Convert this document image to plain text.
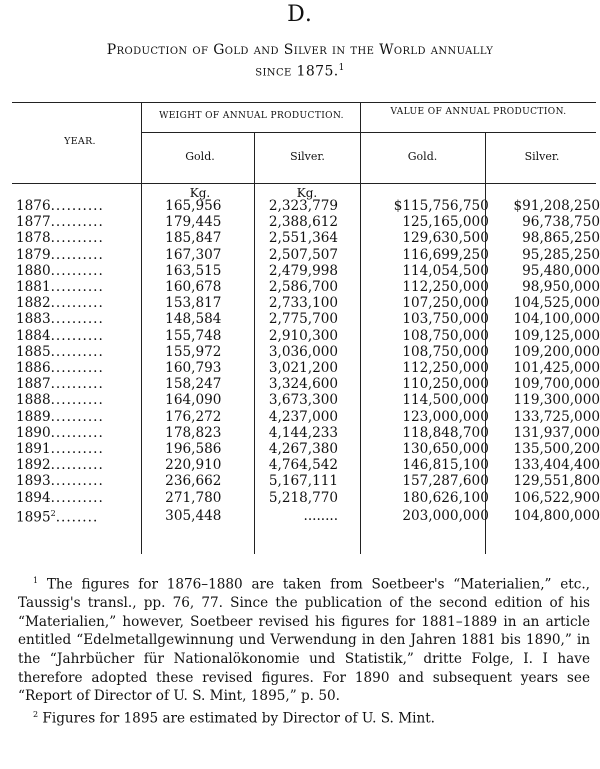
D.
Production of Gold and Silver in the World annually
since 1875.$^1$
YEAR.
WEIGHT OF ANNUAL PRODUCTION.	VALUE OF ANNUAL PRODUCTION.
Gold.	Silver.	Gold.	Silver.
Kg.	Kg.
1876..........	165,956	2,323,779	$115,756,750	$91,208,250
1877..........	179,445	2,388,612	125,165,000	96,738,750
1878..........	185,847	2,551,364	129,630,500	98,865,250
1879..........	167,307	2,507,507	116,699,250	95,285,250
1880..........	163,515	2,479,998	114,054,500	95,480,000
1881..........	160,678	2,586,700	112,250,000	98,950,000
1882..........	153,817	2,733,100	107,250,000	104,525,000
1883..........	148,584	2,775,700	103,750,000	104,100,000
1884..........	155,748	2,910,300	108,750,000	109,125,000
1885..........	155,972	3,036,000	108,750,000	109,200,000
1886..........	160,793	3,021,200	112,250,000	101,425,000
1887..........	158,247	3,324,600	110,250,000	109,700,000
1888..........	164,090	3,673,300	114,500,000	119,300,000
1889..........	176,272	4,237,000	123,000,000	133,725,000
1890..........	178,823	4,144,233	118,848,700	131,937,000
1891..........	196,586	4,267,380	130,650,000	135,500,200
1892..........	220,910	4,764,542	146,815,100	133,404,400
1893..........	236,662	5,167,111	157,287,600	129,551,800
1894..........	271,780	5,218,770	180,626,100	106,522,900
1895$^2$........	305,448	........	203,000,000	104,800,000

$^1$ The figures for 1876–1880 are taken from Soetbeer's “Materialien,” etc., Taussig's transl., pp. 76, 77. Since the publication of the second edition of his “Materialien,” however, Soetbeer revised his figures for 1881–1889 in an article entitled “Edelmetallgewinnung und Verwendung in den Jahren 1881 bis 1890,” in the “Jahrbücher für Nationalökonomie und Statistik,” dritte Folge, I. I have therefore adopted these revised figures. For 1890 and subsequent years see “Report of Director of U. S. Mint, 1895,” p. 50.

$^2$ Figures for 1895 are estimated by Director of U. S. Mint.
